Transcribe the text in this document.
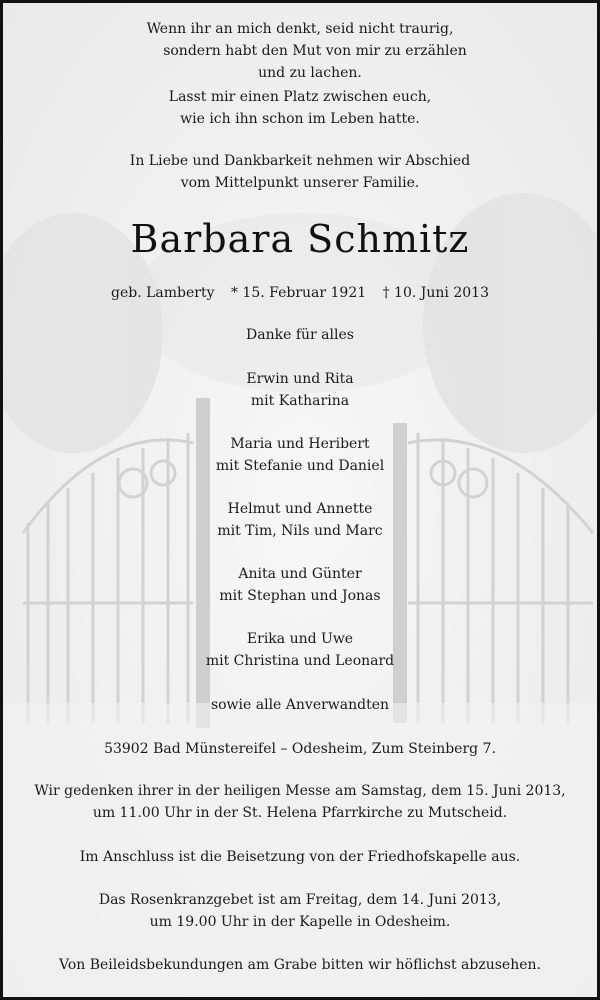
Wenn ihr an mich denkt, seid nicht traurig,
sondern habt den Mut von mir zu erzählen
und zu lachen.
Lasst mir einen Platz zwischen euch,
wie ich ihn schon im Leben hatte.
In Liebe und Dankbarkeit nehmen wir Abschied
vom Mittelpunkt unserer Familie.
Barbara Schmitz
geb. Lamberty * 15. Februar 1921 † 10. Juni 2013
Danke für alles
Erwin und Rita
mit Katharina
Maria und Heribert
mit Stefanie und Daniel
Helmut und Annette
mit Tim, Nils und Marc
Anita und Günter
mit Stephan und Jonas
Erika und Uwe
mit Christina und Leonard
sowie alle Anverwandten
53902 Bad Münstereifel – Odesheim, Zum Steinberg 7.
Wir gedenken ihrer in der heiligen Messe am Samstag, dem 15. Juni 2013,
um 11.00 Uhr in der St. Helena Pfarrkirche zu Mutscheid.
Im Anschluss ist die Beisetzung von der Friedhofskapelle aus.
Das Rosenkranzgebet ist am Freitag, dem 14. Juni 2013,
um 19.00 Uhr in der Kapelle in Odesheim.
Von Beileidsbekundungen am Grabe bitten wir höflichst abzusehen.
